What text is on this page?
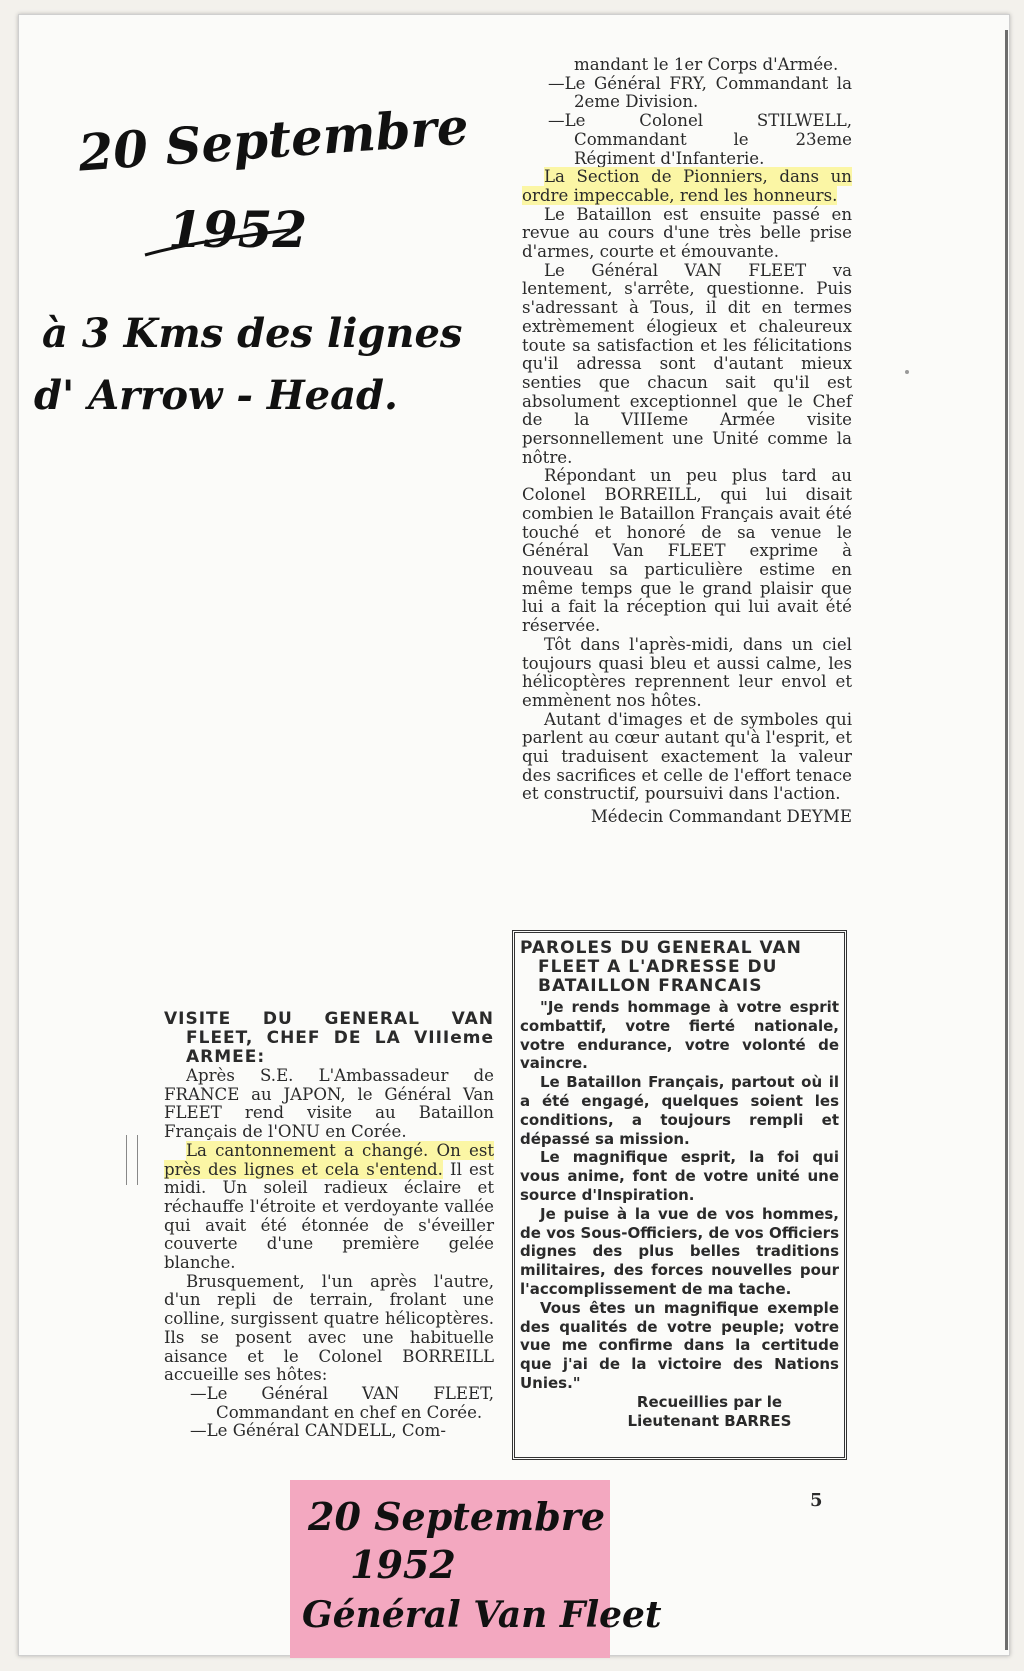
20 Septembre
1952
à 3 Kms des lignes
d' Arrow - Head.

mandant le 1er Corps d'Armée.

—Le Général FRY, Commandant la 2eme Division.

—Le Colonel STILWELL, Commandant le 23eme Régiment d'Infanterie.

La Section de Pionniers, dans un ordre impeccable, rend les honneurs.

Le Bataillon est ensuite passé en revue au cours d'une très belle prise d'armes, courte et émouvante.

Le Général VAN FLEET va lentement, s'arrête, questionne. Puis s'adressant à Tous, il dit en termes extrèmement élogieux et chaleureux toute sa satisfaction et les félicitations qu'il adressa sont d'autant mieux senties que chacun sait qu'il est absolument exceptionnel que le Chef de la VIIIeme Armée visite personnellement une Unité comme la nôtre.

Répondant un peu plus tard au Colonel BORREILL, qui lui disait combien le Bataillon Français avait été touché et honoré de sa venue le Général Van FLEET exprime à nouveau sa particulière estime en même temps que le grand plaisir que lui a fait la réception qui lui avait été réservée.

Tôt dans l'après-midi, dans un ciel toujours quasi bleu et aussi calme, les hélicoptères reprennent leur envol et emmènent nos hôtes.

Autant d'images et de symboles qui parlent au cœur autant qu'à l'esprit, et qui traduisent exactement la valeur des sacrifices et celle de l'effort tenace et constructif, poursuivi dans l'action.

Médecin Commandant DEYME

PAROLES DU GENERAL VAN FLEET A L'ADRESSE DU BATAILLON FRANCAIS

"Je rends hommage à votre esprit combattif, votre fierté nationale, votre endurance, votre volonté de vaincre.

Le Bataillon Français, partout où il a été engagé, quelques soient les conditions, a toujours rempli et dépassé sa mission.

Le magnifique esprit, la foi qui vous anime, font de votre unité une source d'Inspiration.

Je puise à la vue de vos hommes, de vos Sous-Officiers, de vos Officiers dignes des plus belles traditions militaires, des forces nouvelles pour l'accomplissement de ma tache.

Vous êtes un magnifique exemple des qualités de votre peuple; votre vue me confirme dans la certitude que j'ai de la victoire des Nations Unies."

Recueillies par le

Lieutenant BARRES

VISITE DU GENERAL VAN FLEET, CHEF DE LA VIIIeme ARMEE:

Après S.E. L'Ambassadeur de FRANCE au JAPON, le Général Van FLEET rend visite au Bataillon Français de l'ONU en Corée.

La cantonnement a changé. On est près des lignes et cela s'entend. Il est midi. Un soleil radieux éclaire et réchauffe l'étroite et verdoyante vallée qui avait été étonnée de s'éveiller couverte d'une première gelée blanche.

Brusquement, l'un après l'autre, d'un repli de terrain, frolant une colline, surgissent quatre hélicoptères. Ils se posent avec une habituelle aisance et le Colonel BORREILL accueille ses hôtes:

—Le Général VAN FLEET, Commandant en chef en Corée.

—Le Général CANDELL, Com-

5
20 Septembre
1952
Général Van Fleet
